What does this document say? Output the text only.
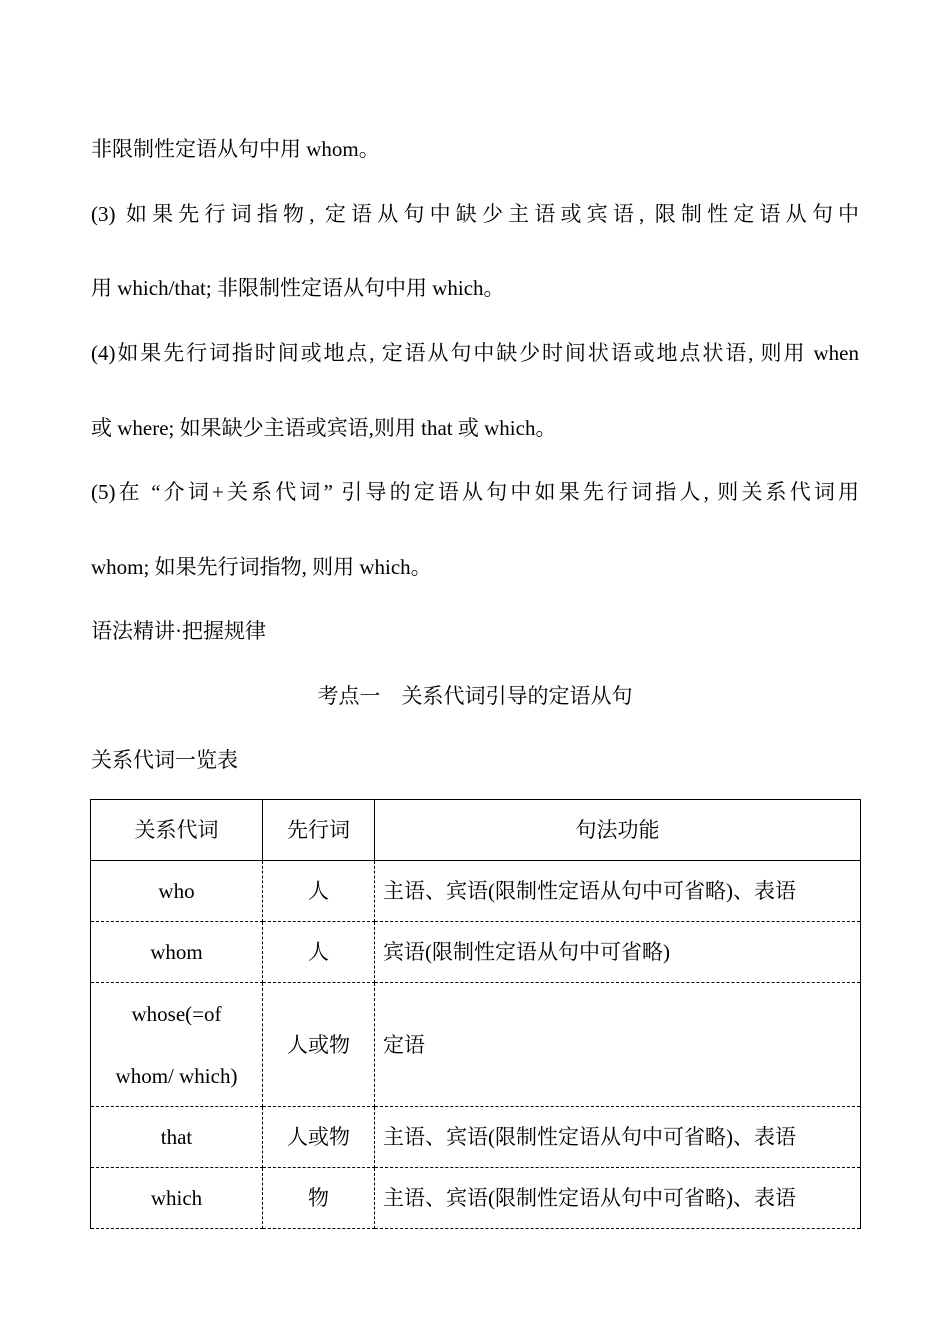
非限制性定语从句中用 whom。
(3) 如果先行词指物, 定语从句中缺少主语或宾语, 限制性定语从句中
用 which/that; 非限制性定语从句中用 which。
(4)如果先行词指时间或地点, 定语从句中缺少时间状语或地点状语, 则用 when
或 where; 如果缺少主语或宾语,则用 that 或 which。
(5)在 “介词+关系代词” 引导的定语从句中如果先行词指人, 则关系代词用
whom; 如果先行词指物, 则用 which。
语法精讲·把握规律
考点一　关系代词引导的定语从句
关系代词一览表
关系代词	先行词	句法功能
who	人	主语、宾语(限制性定语从句中可省略)、表语
whom	人	宾语(限制性定语从句中可省略)

whose(=of
whom/ which)	人或物	定语
that	人或物	主语、宾语(限制性定语从句中可省略)、表语
which	物	主语、宾语(限制性定语从句中可省略)、表语
